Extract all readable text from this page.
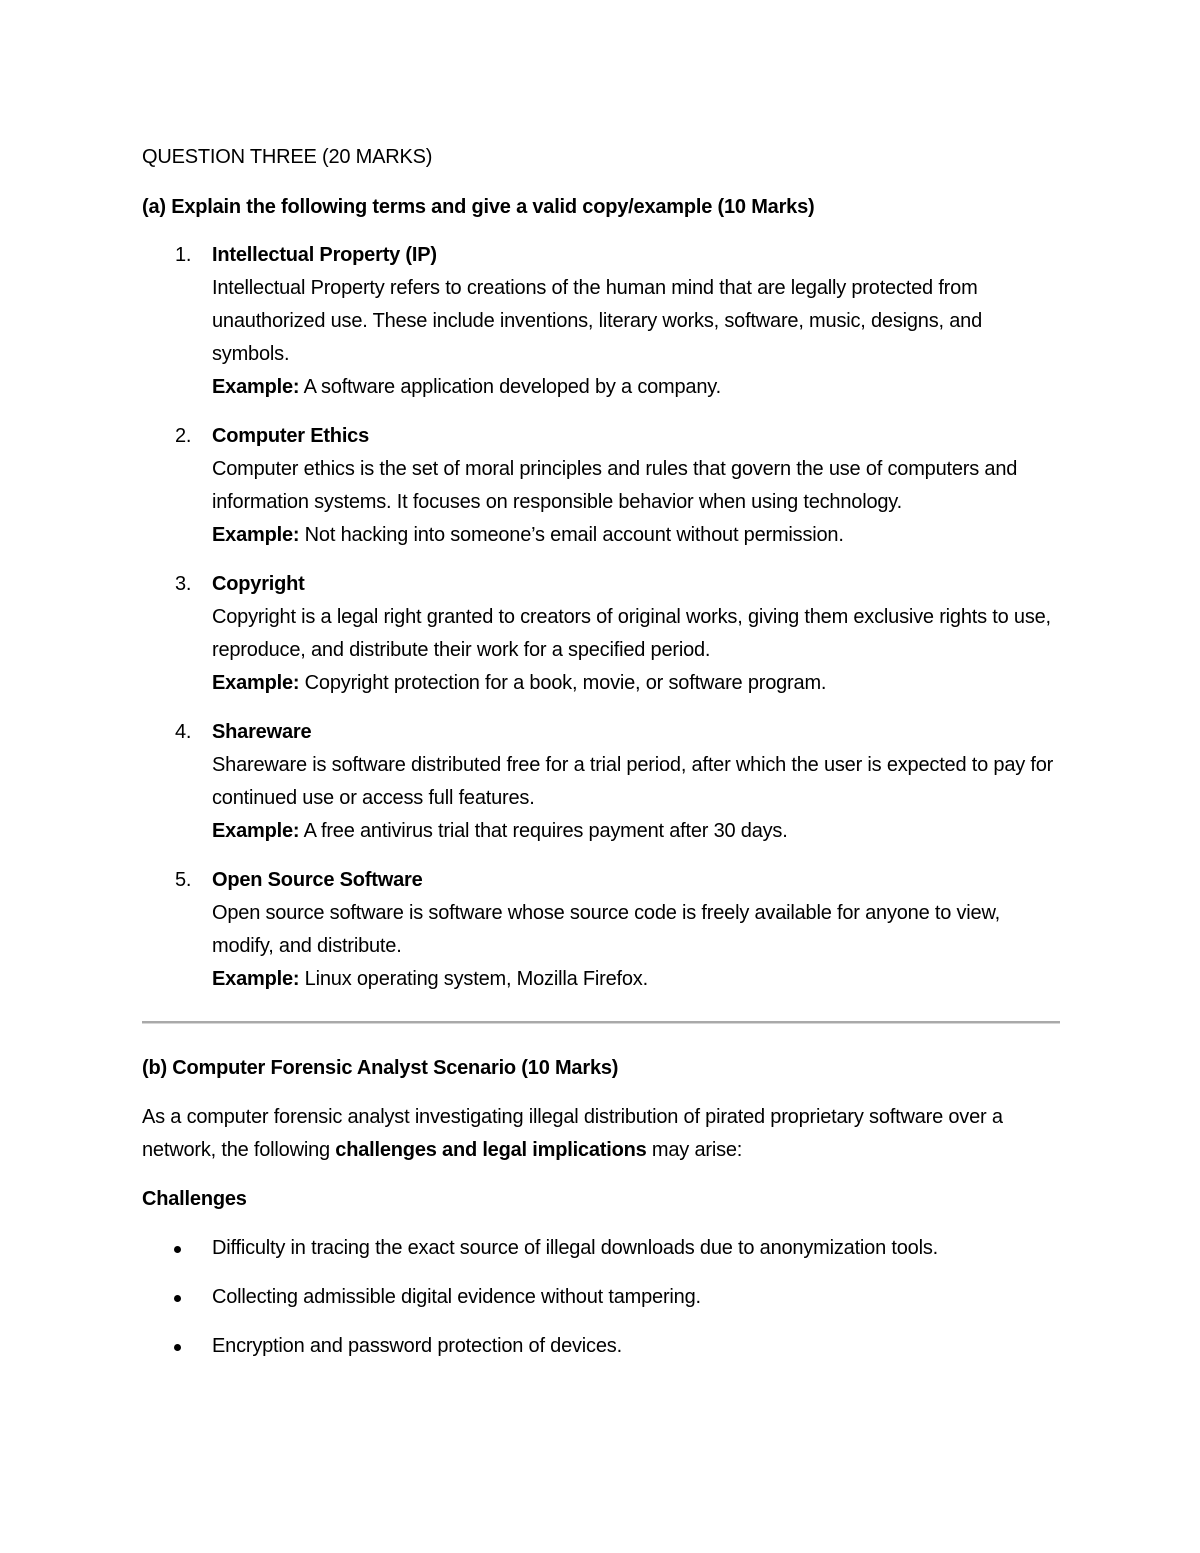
QUESTION THREE (20 MARKS)

(a) Explain the following terms and give a valid copy/example (10 Marks)

1. Intellectual Property (IP)
Intellectual Property refers to creations of the human mind that are legally protected from unauthorized use. These include inventions, literary works, software, music, designs, and symbols.
Example: A software application developed by a company.
2. Computer Ethics
Computer ethics is the set of moral principles and rules that govern the use of computers and information systems. It focuses on responsible behavior when using technology.
Example: Not hacking into someone’s email account without permission.
3. Copyright
Copyright is a legal right granted to creators of original works, giving them exclusive rights to use, reproduce, and distribute their work for a specified period.
Example: Copyright protection for a book, movie, or software program.
4. Shareware
Shareware is software distributed free for a trial period, after which the user is expected to pay for continued use or access full features.
Example: A free antivirus trial that requires payment after 30 days.
5. Open Source Software
Open source software is software whose source code is freely available for anyone to view, modify, and distribute.
Example: Linux operating system, Mozilla Firefox.

(b) Computer Forensic Analyst Scenario (10 Marks)

As a computer forensic analyst investigating illegal distribution of pirated proprietary software over a network, the following challenges and legal implications may arise:

Challenges

Difficulty in tracing the exact source of illegal downloads due to anonymization tools.
Collecting admissible digital evidence without tampering.
Encryption and password protection of devices.
